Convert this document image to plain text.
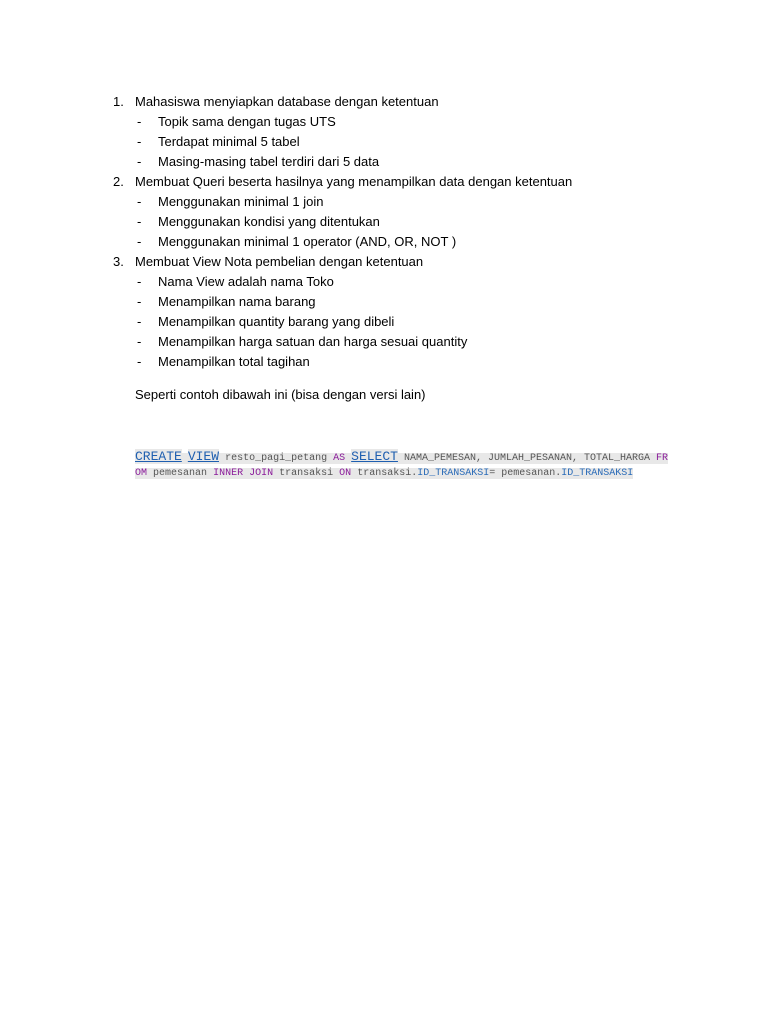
1. Mahasiswa menyiapkan database dengan ketentuan
- Topik sama dengan tugas UTS
- Terdapat minimal 5 tabel
- Masing-masing tabel terdiri dari 5 data
2. Membuat Queri beserta hasilnya yang menampilkan data dengan ketentuan
- Menggunakan minimal 1 join
- Menggunakan kondisi yang ditentukan
- Menggunakan minimal 1 operator (AND, OR, NOT )
3. Membuat View Nota pembelian dengan ketentuan
- Nama View adalah nama Toko
- Menampilkan nama barang
- Menampilkan quantity barang yang dibeli
- Menampilkan harga satuan dan harga sesuai quantity
- Menampilkan total tagihan

Seperti contoh dibawah ini (bisa dengan versi lain)

CREATE VIEW resto_pagi_petang AS SELECT NAMA_PEMESAN, JUMLAH_PESANAN, TOTAL_HARGA FR
OM pemesanan INNER JOIN transaksi ON transaksi.ID_TRANSAKSI= pemesanan.ID_TRANSAKSI
